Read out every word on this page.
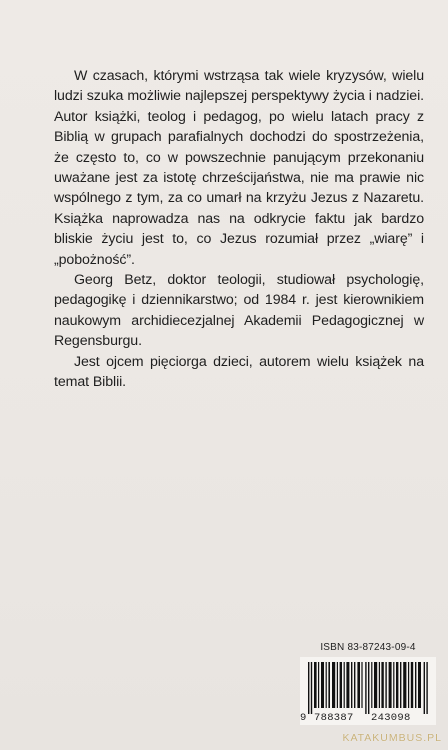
W czasach, którymi wstrząsa tak wiele kryzysów, wielu ludzi szuka możliwie najlepszej perspektywy życia i nadziei. Autor książki, teolog i pedagog, po wielu latach pracy z Biblią w grupach parafialnych dochodzi do spostrzeżenia, że często to, co w powszechnie panującym przekonaniu uważane jest za istotę chrześcijaństwa, nie ma prawie nic wspólnego z tym, za co umarł na krzyżu Jezus z Nazaretu. Książka naprowadza nas na odkrycie faktu jak bardzo bliskie życiu jest to, co Jezus rozumiał przez „wiarę” i „pobożność”.

Georg Betz, doktor teologii, studiował psychologię, pedagogikę i dziennikarstwo; od 1984 r. jest kierownikiem naukowym archidiecezjalnej Akademii Pedagogicznej w Regensburgu.

Jest ojcem pięciorga dzieci, autorem wielu książek na temat Biblii.

ISBN 83-87243-09-4
9 788387 243098
KATAKUMBUS.PL
